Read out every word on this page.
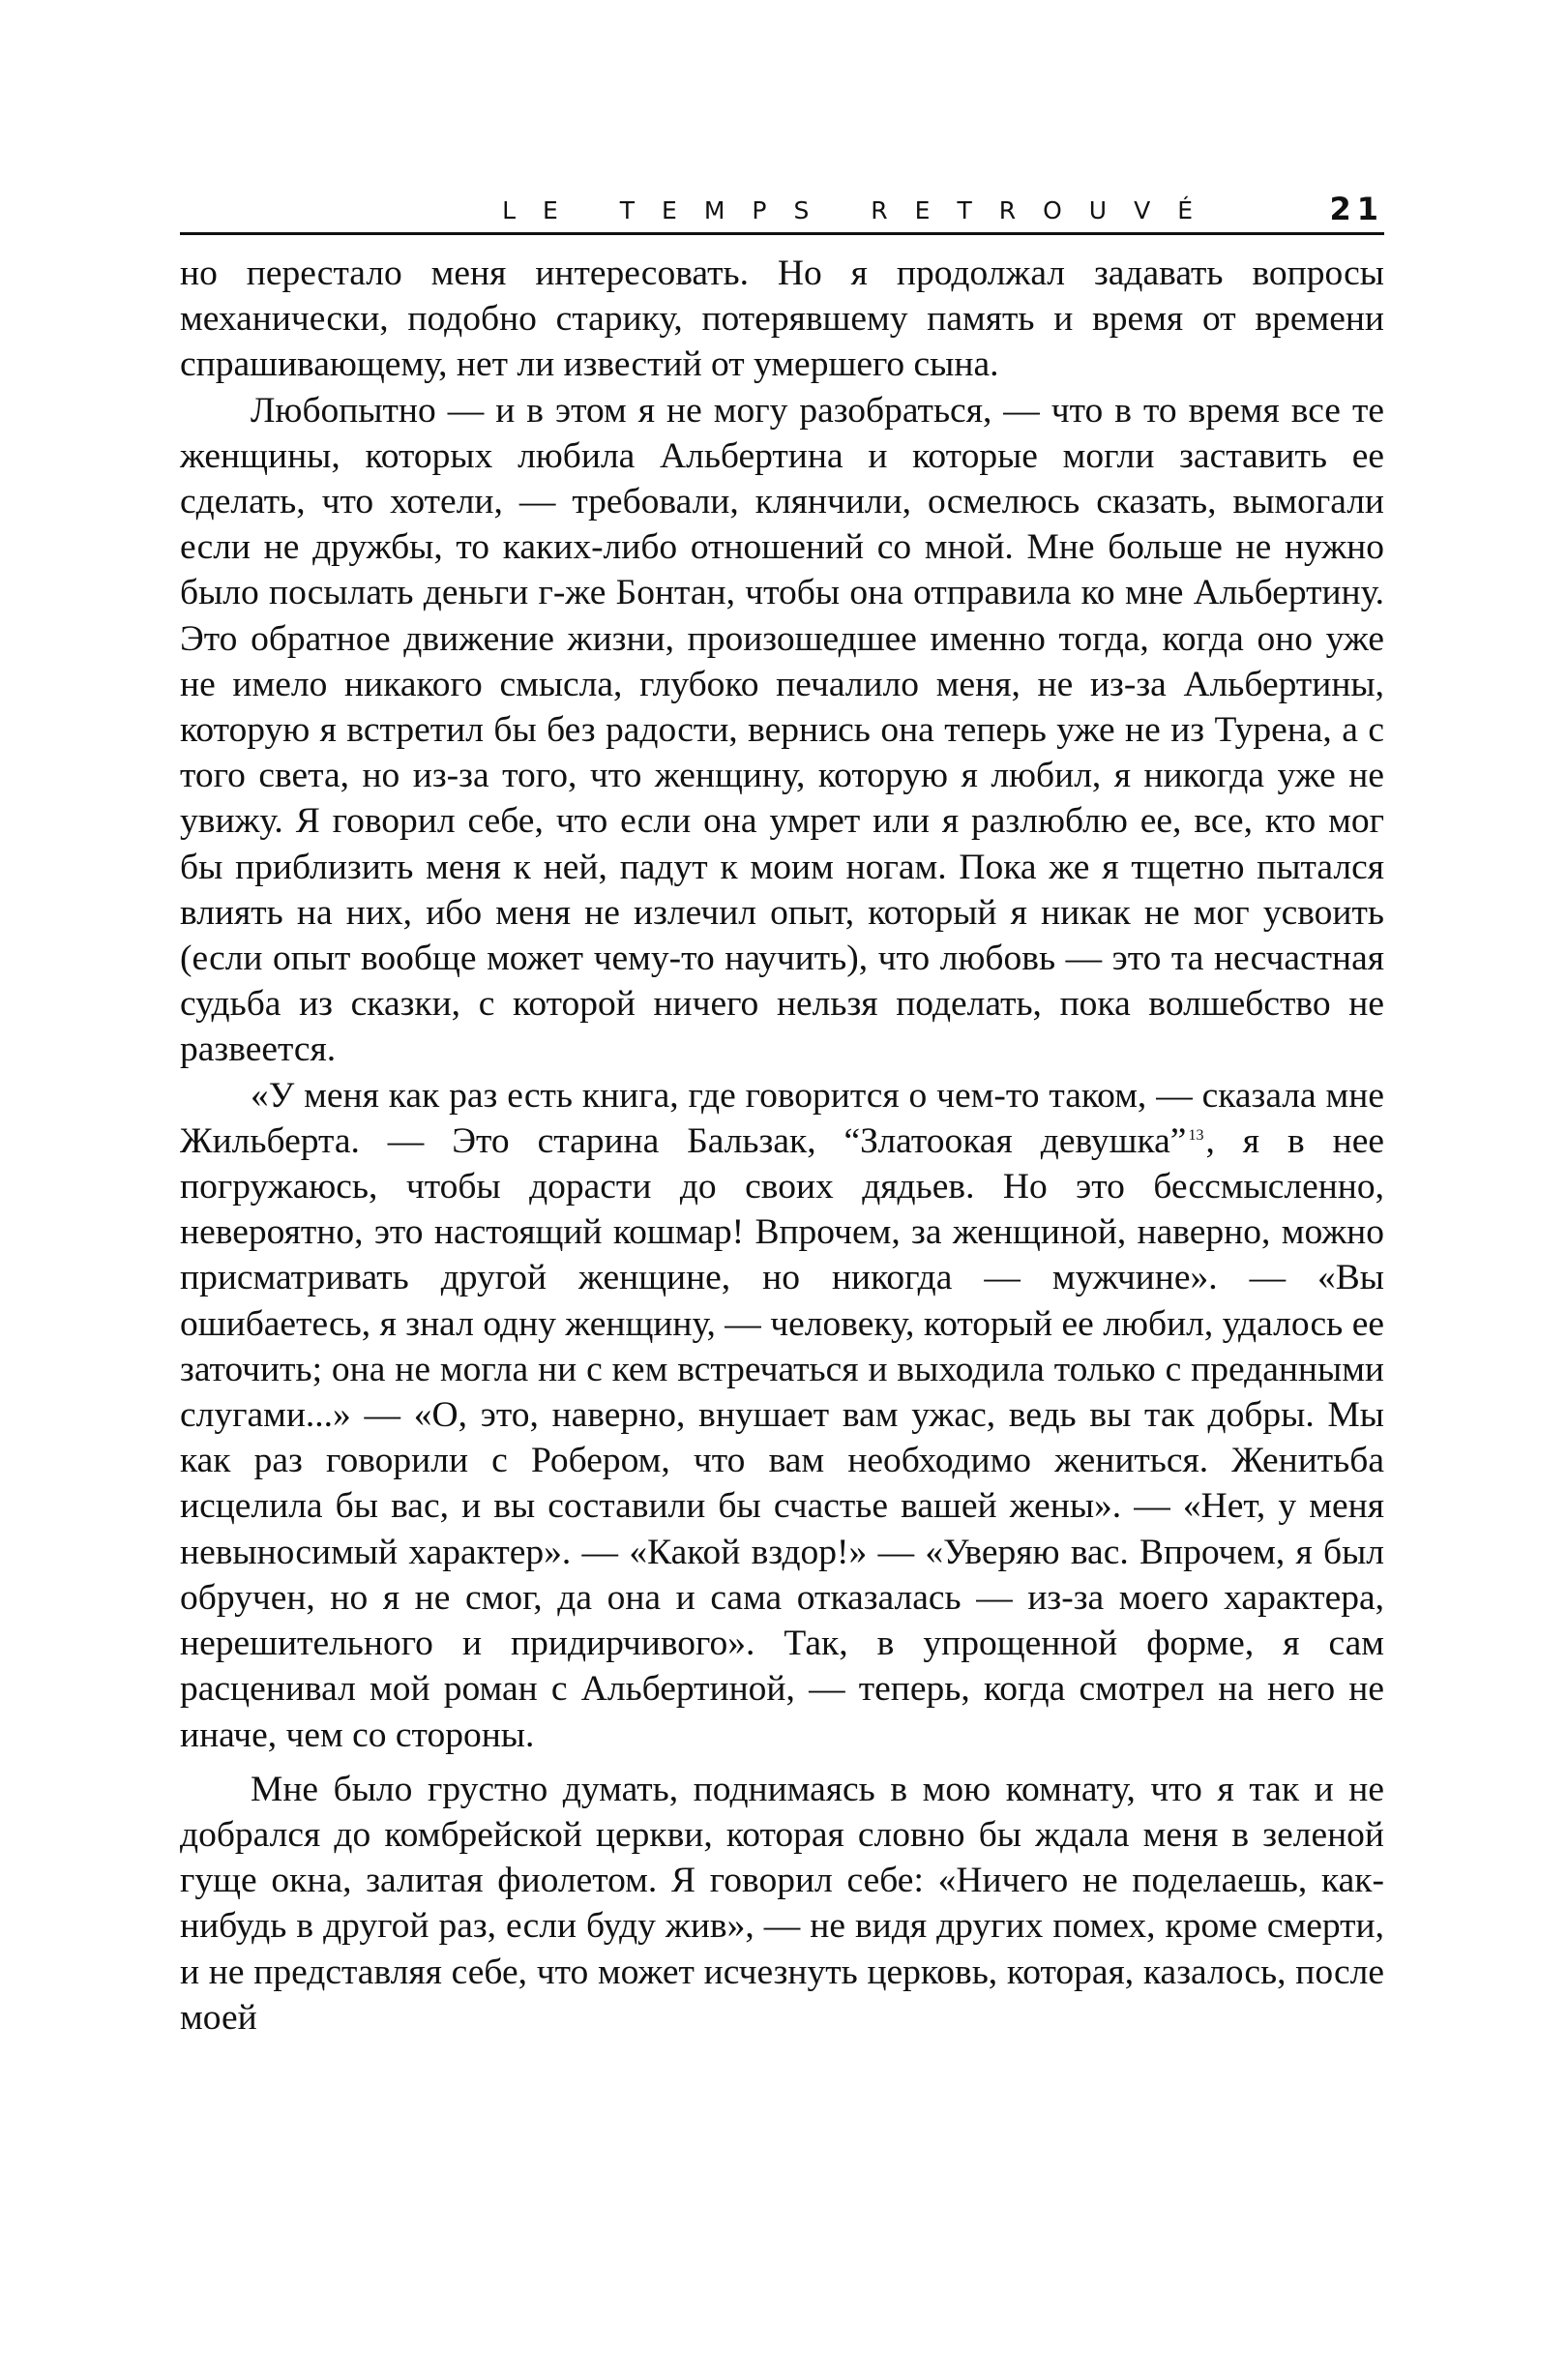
LE TEMPS RETROUVÉ	21

но перестало меня интересовать. Но я продолжал задавать вопросы механически, подобно старику, потерявшему память и время от времени спрашивающему, нет ли известий от умершего сына.

Любопытно — и в этом я не могу разобраться, — что в то время все те женщины, которых любила Альбертина и которые могли заставить ее сделать, что хотели, — требовали, клянчили, осмелюсь сказать, вымогали если не дружбы, то каких-либо отношений со мной. Мне больше не нужно было посылать деньги г-же Бонтан, чтобы она отправила ко мне Альбертину. Это обратное движение жизни, произошедшее именно тогда, когда оно уже не имело никакого смысла, глубоко печалило меня, не из-за Альбертины, которую я встретил бы без радости, вернись она теперь уже не из Турена, а с того света, но из-за того, что женщину, которую я любил, я никогда уже не увижу. Я говорил себе, что если она умрет или я разлюблю ее, все, кто мог бы приблизить меня к ней, падут к моим ногам. Пока же я тщетно пытался влиять на них, ибо меня не излечил опыт, который я никак не мог усвоить (если опыт вообще может чему-то научить), что любовь — это та несчастная судьба из сказки, с которой ничего нельзя поделать, пока волшебство не развеется.

«У меня как раз есть книга, где говорится о чем-то таком, — сказала мне Жильберта. — Это старина Бальзак, “Златоокая девушка” $^{13}$, я в нее погружаюсь, чтобы дорасти до своих дядьев. Но это бессмысленно, невероятно, это настоящий кошмар! Впрочем, за женщиной, наверно, можно присматривать другой женщине, но никогда — мужчине». — «Вы ошибаетесь, я знал одну женщину, — человеку, который ее любил, удалось ее заточить; она не могла ни с кем встречаться и выходила только с преданными слугами...» — «О, это, наверно, внушает вам ужас, ведь вы так добры. Мы как раз говорили с Робером, что вам необходимо жениться. Женитьба исцелила бы вас, и вы составили бы счастье вашей жены». — «Нет, у меня невыносимый характер». — «Какой вздор!» — «Уверяю вас. Впрочем, я был обручен, но я не смог, да она и сама отказалась — из-за моего характера, нерешительного и придирчивого». Так, в упрощенной форме, я сам расценивал мой роман с Альбертиной, — теперь, когда смотрел на него не иначе, чем со стороны.

Мне было грустно думать, поднимаясь в мою комнату, что я так и не добрался до комбрейской церкви, которая словно бы ждала меня в зеленой гуще окна, залитая фиолетом. Я говорил себе: «Ничего не поделаешь, как-нибудь в другой раз, если буду жив», — не видя других помех, кроме смерти, и не представляя себе, что может исчезнуть церковь, которая, казалось, после моей
